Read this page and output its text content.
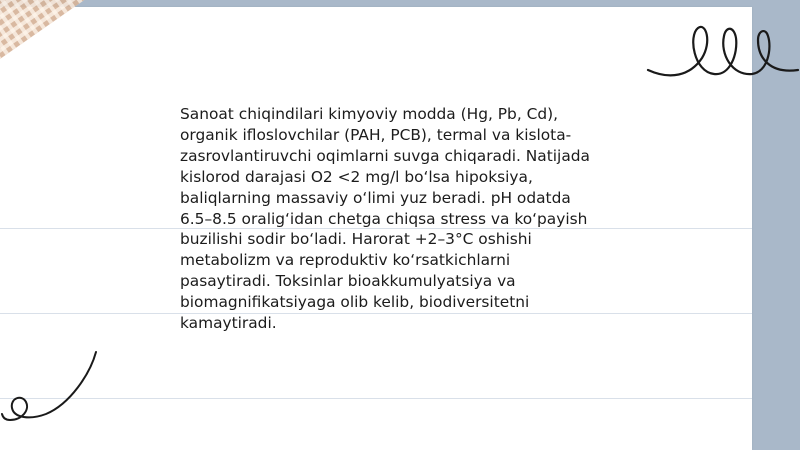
Sanoat chiqindilari kimyoviy modda (Hg, Pb, Cd),
organik ifloslovchilar (PAH, PCB), termal va kislota-
zasrovlantiruvchi oqimlarni suvga chiqaradi. Natijada
kislorod darajasi O2 <2 mg/l bo‘lsa hipoksiya,
baliqlarning massaviy o‘limi yuz beradi. pH odatda
6.5–8.5 oralig‘idan chetga chiqsa stress va ko‘payish
buzilishi sodir bo‘ladi. Harorat +2–3°C oshishi
metabolizm va reproduktiv ko‘rsatkichlarni
pasaytiradi. Toksinlar bioakkumulyatsiya va
biomagnifikatsiyaga olib kelib, biodiversitetni
kamaytiradi.
